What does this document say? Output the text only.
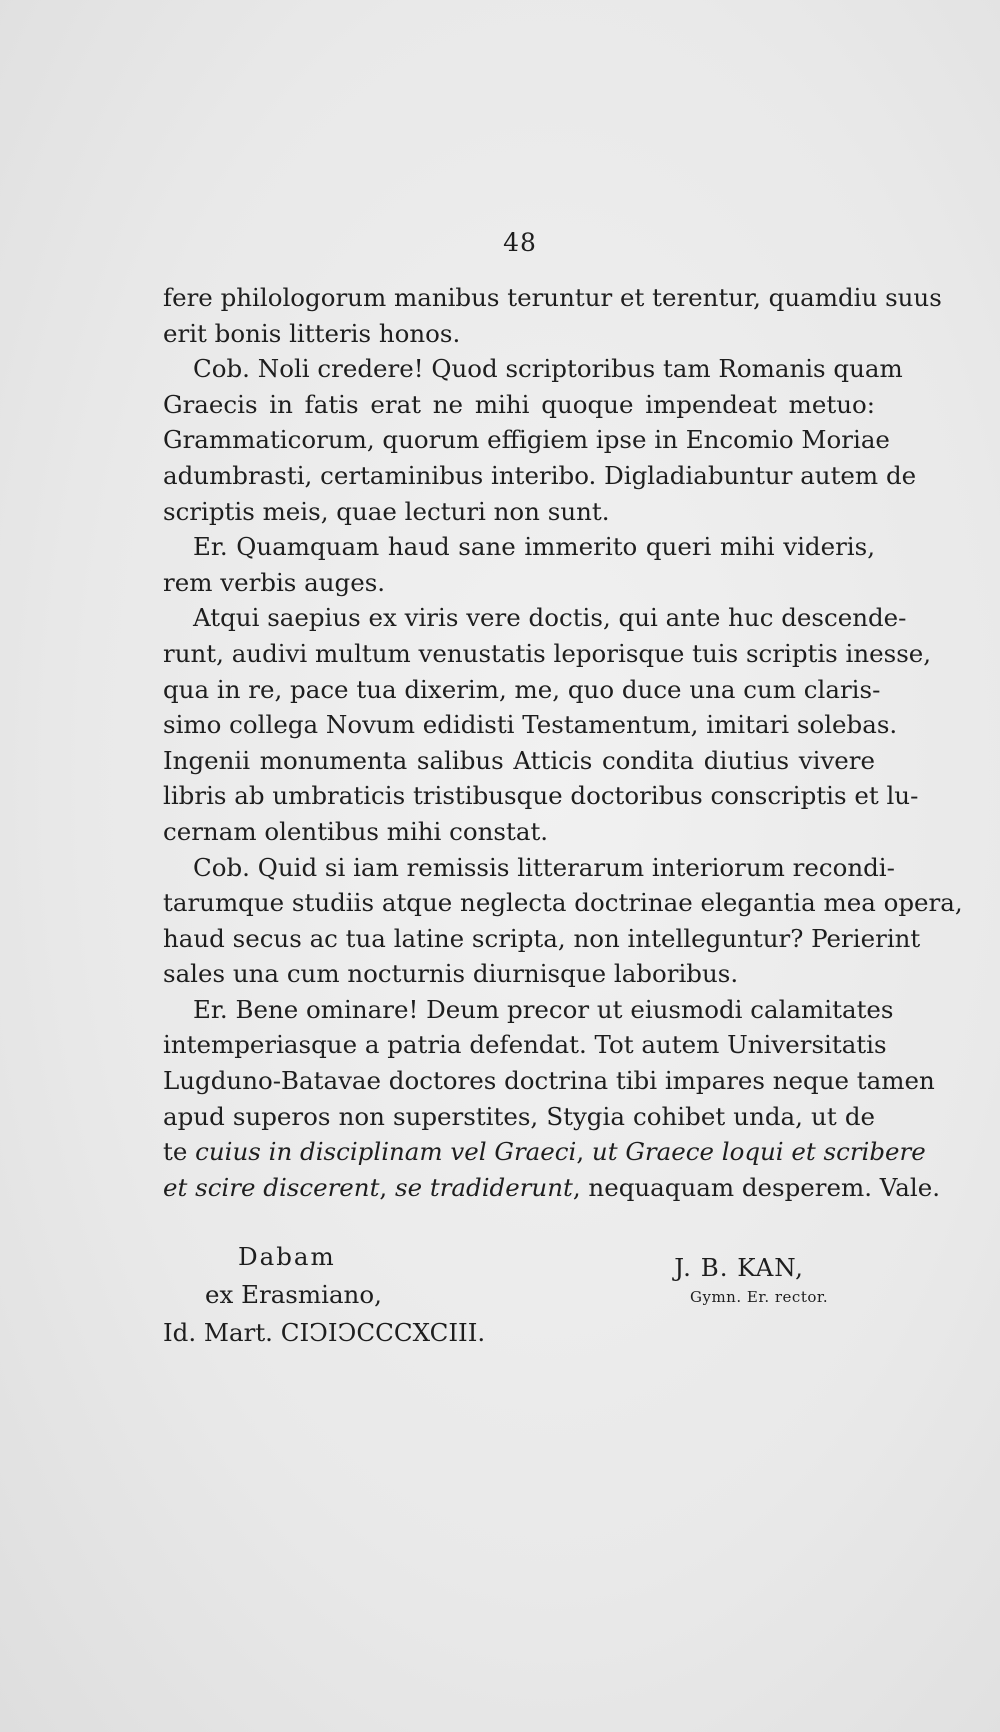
48
fere philologorum manibus teruntur et terentur, quamdiu suus
erit bonis litteris honos.
Cob. Noli credere! Quod scriptoribus tam Romanis quam
Graecis in fatis erat ne mihi quoque impendeat metuo:
Grammaticorum, quorum effigiem ipse in Encomio Moriae
adumbrasti, certaminibus interibo. Digladiabuntur autem de
scriptis meis, quae lecturi non sunt.
Er. Quamquam haud sane immerito queri mihi videris,
rem verbis auges.
Atqui saepius ex viris vere doctis, qui ante huc descende-
runt, audivi multum venustatis leporisque tuis scriptis inesse,
qua in re, pace tua dixerim, me, quo duce una cum claris-
simo collega Novum edidisti Testamentum, imitari solebas.
Ingenii monumenta salibus Atticis condita diutius vivere
libris ab umbraticis tristibusque doctoribus conscriptis et lu-
cernam olentibus mihi constat.
Cob. Quid si iam remissis litterarum interiorum recondi-
tarumque studiis atque neglecta doctrinae elegantia mea opera,
haud secus ac tua latine scripta, non intelleguntur? Perierint
sales una cum nocturnis diurnisque laboribus.
Er. Bene ominare! Deum precor ut eiusmodi calamitates
intemperiasque a patria defendat. Tot autem Universitatis
Lugduno-Batavae doctores doctrina tibi impares neque tamen
apud superos non superstites, Stygia cohibet unda, ut de
te cuius in disciplinam vel Graeci, ut Graece loqui et scribere
et scire discerent, se tradiderunt, nequaquam desperem. Vale.
Dabam
ex Erasmiano,
Id. Mart. CIↃIↃCCCXCIII.
J. B. KAN,
Gymn. Er. rector.
